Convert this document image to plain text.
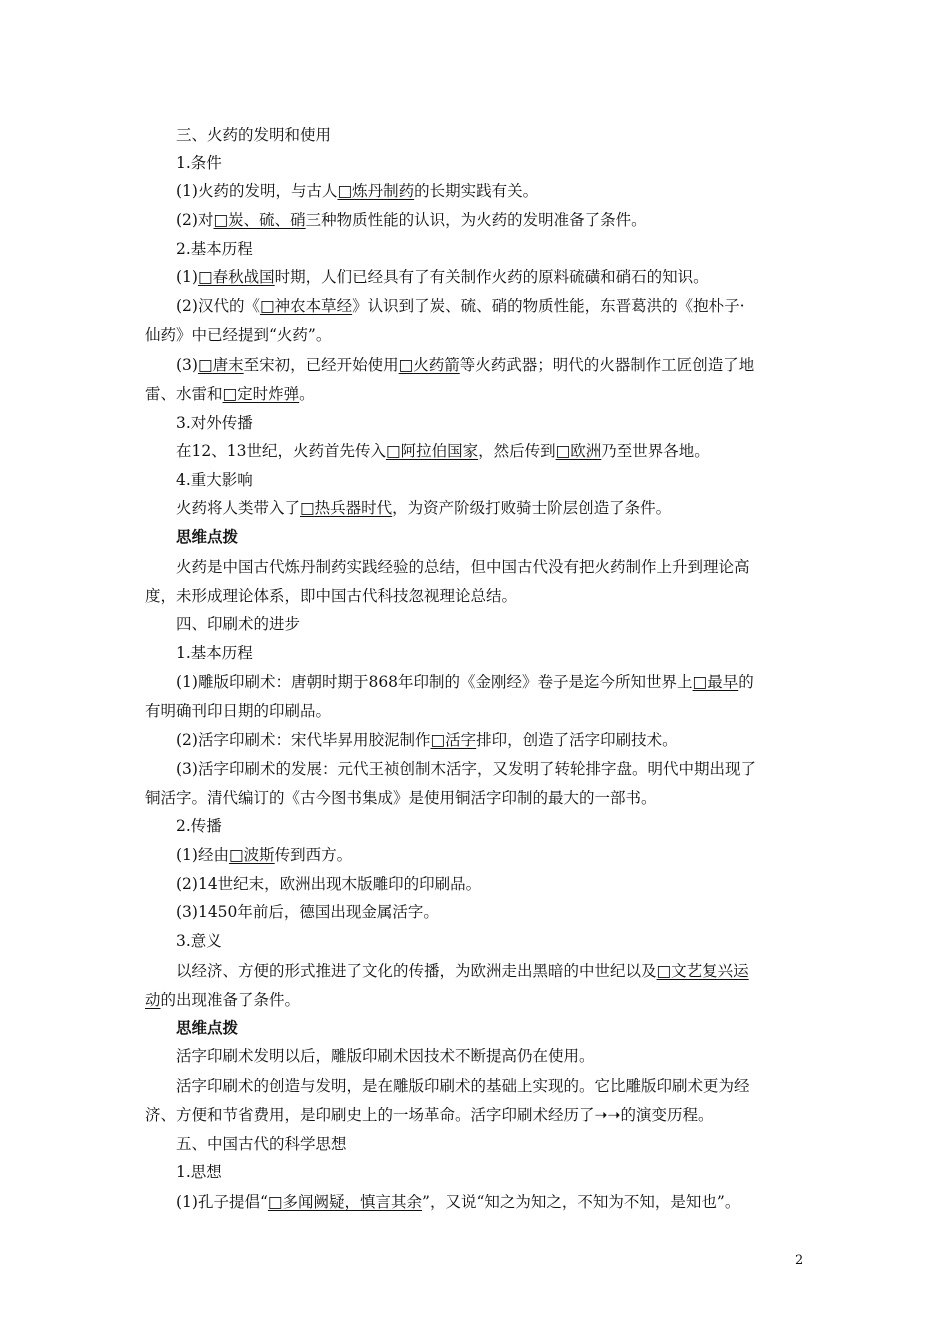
三、火药的发明和使用
1.条件
(1)火药的发明，与古人□炼丹制药的长期实践有关。
(2)对□炭、硫、硝三种物质性能的认识，为火药的发明准备了条件。
2.基本历程
(1)□春秋战国时期，人们已经具有了有关制作火药的原料硫磺和硝石的知识。
(2)汉代的《□神农本草经》认识到了炭、硫、硝的物质性能，东晋葛洪的《抱朴子·
仙药》中已经提到“火药”。
(3)□唐末至宋初，已经开始使用□火药箭等火药武器；明代的火器制作工匠创造了地
雷、水雷和□定时炸弹。
3.对外传播
在12、13世纪，火药首先传入□阿拉伯国家，然后传到□欧洲乃至世界各地。
4.重大影响
火药将人类带入了□热兵器时代，为资产阶级打败骑士阶层创造了条件。
思维点拨
火药是中国古代炼丹制药实践经验的总结，但中国古代没有把火药制作上升到理论高
度，未形成理论体系，即中国古代科技忽视理论总结。
四、印刷术的进步
1.基本历程
(1)雕版印刷术：唐朝时期于868年印制的《金刚经》卷子是迄今所知世界上□最早的
有明确刊印日期的印刷品。
(2)活字印刷术：宋代毕昇用胶泥制作□活字排印，创造了活字印刷技术。
(3)活字印刷术的发展：元代王祯创制木活字，又发明了转轮排字盘。明代中期出现了
铜活字。清代编订的《古今图书集成》是使用铜活字印制的最大的一部书。
2.传播
(1)经由□波斯传到西方。
(2)14世纪末，欧洲出现木版雕印的印刷品。
(3)1450年前后，德国出现金属活字。
3.意义
以经济、方便的形式推进了文化的传播，为欧洲走出黑暗的中世纪以及□文艺复兴运
动的出现准备了条件。
思维点拨
活字印刷术发明以后，雕版印刷术因技术不断提高仍在使用。
活字印刷术的创造与发明，是在雕版印刷术的基础上实现的。它比雕版印刷术更为经
济、方便和节省费用，是印刷史上的一场革命。活字印刷术经历了➝➝的演变历程。
五、中国古代的科学思想
1.思想
(1)孔子提倡“□多闻阙疑，慎言其余”，又说“知之为知之，不知为不知，是知也”。
2
